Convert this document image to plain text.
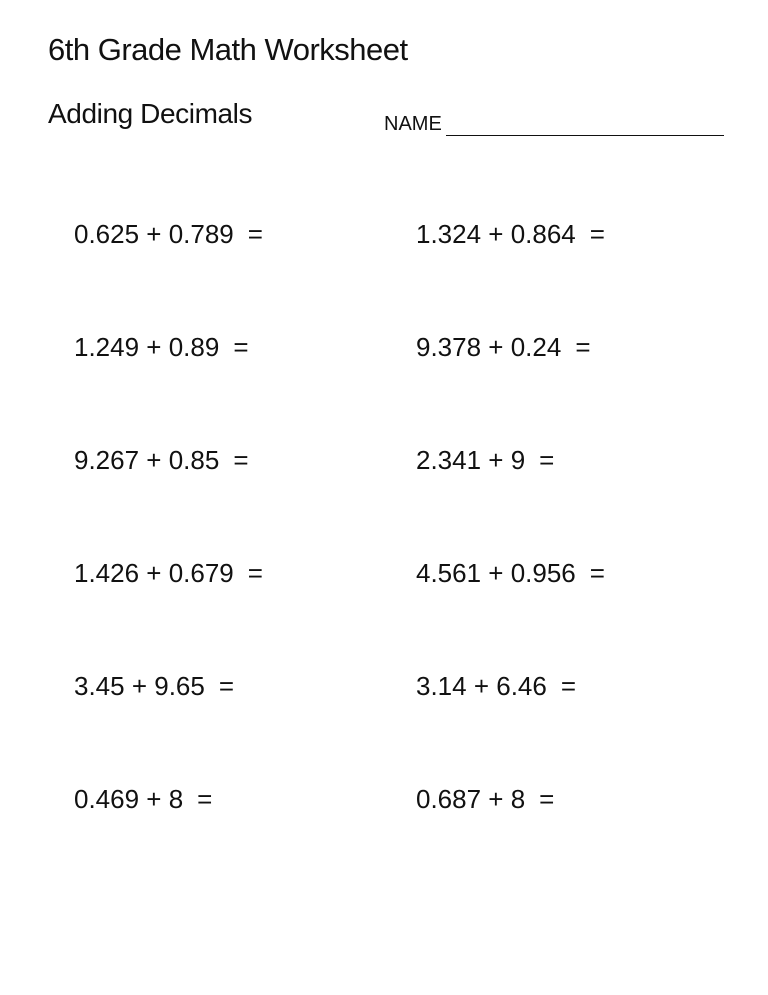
6th Grade Math Worksheet
Adding Decimals	NAME
0.625 + 0.789 =	1.324 + 0.864 =
1.249 + 0.89 =	9.378 + 0.24 =
9.267 + 0.85 =	2.341 + 9 =
1.426 + 0.679 =	4.561 + 0.956 =
3.45 + 9.65 =	3.14 + 6.46 =
0.469 + 8 =	0.687 + 8 =
